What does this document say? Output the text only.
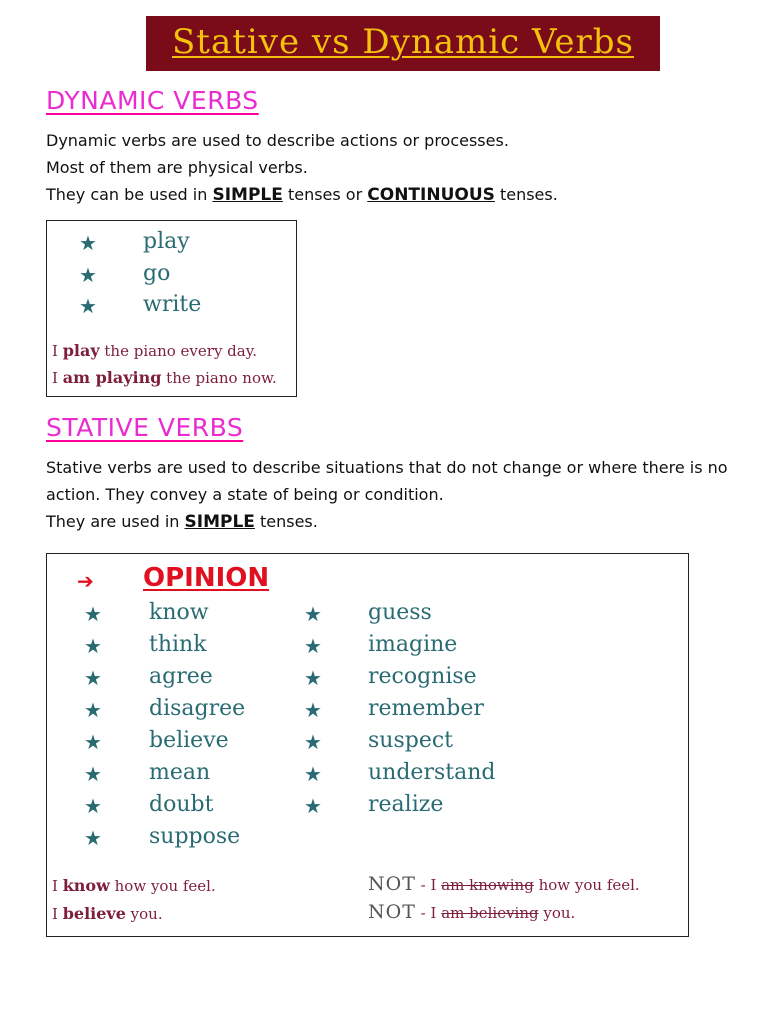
Stative vs Dynamic Verbs
DYNAMIC VERBS
Dynamic verbs are used to describe actions or processes.
Most of them are physical verbs.
They can be used in SIMPLE tenses or CONTINUOUS tenses.
★ play
★ go
★ write
I play the piano every day.
I am playing the piano now.
STATIVE VERBS
Stative verbs are used to describe situations that do not change or where there is no
action. They convey a state of being or condition.
They are used in SIMPLE tenses.
➔ OPINION
★ know
★ think
★ agree
★ disagree
★ believe
★ mean
★ doubt
★ suppose
★ guess
★ imagine
★ recognise
★ remember
★ suspect
★ understand
★ realize
I know how you feel.
I believe you.
NOT - I am knowing how you feel.
NOT - I am believing you.
